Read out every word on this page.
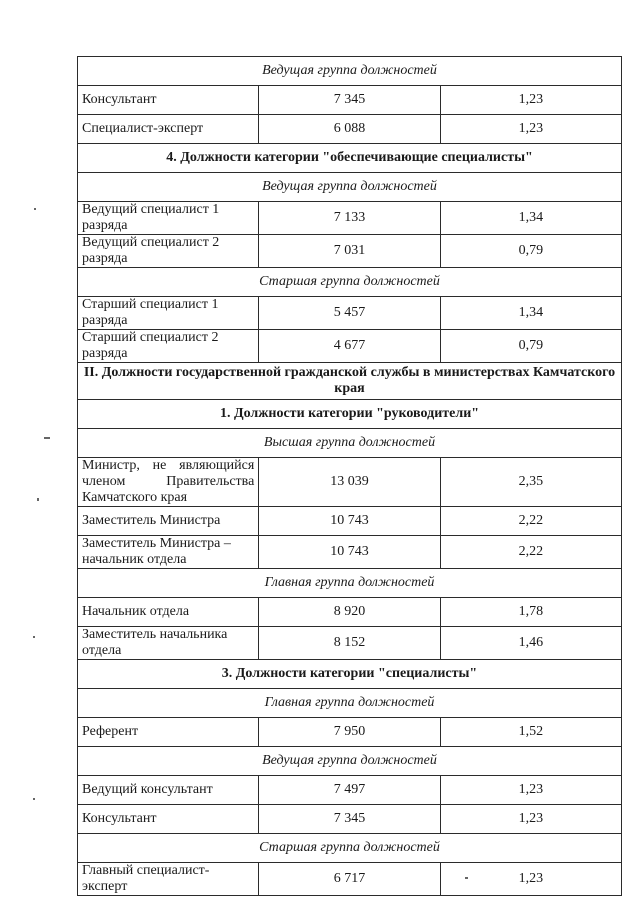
Ведущая группа должностей		
Консультант	7 345	1,23
Специалист-эксперт	6 088	1,23
4. Должности категории "обеспечивающие специалисты"		
Ведущая группа должностей		
Ведущий специалист 1 разряда	7 133	1,34
Ведущий специалист 2 разряда	7 031	0,79
Старшая группа должностей		
Старший специалист 1 разряда	5 457	1,34
Старший специалист 2 разряда	4 677	0,79
II. Должности государственной гражданской службы в министерствах Камчатского края		
1. Должности категории "руководители"		
Высшая группа должностей		
Министр, не являющийся членом Правительства Камчатского края	13 039	2,35
Заместитель Министра	10 743	2,22
Заместитель Министра – начальник отдела	10 743	2,22
Главная группа должностей		
Начальник отдела	8 920	1,78
Заместитель начальника отдела	8 152	1,46
3. Должности категории "специалисты"		
Главная группа должностей		
Референт	7 950	1,52
Ведущая группа должностей		
Ведущий консультант	7 497	1,23
Консультант	7 345	1,23
Старшая группа должностей		
Главный специалист-эксперт	6 717	1,23
